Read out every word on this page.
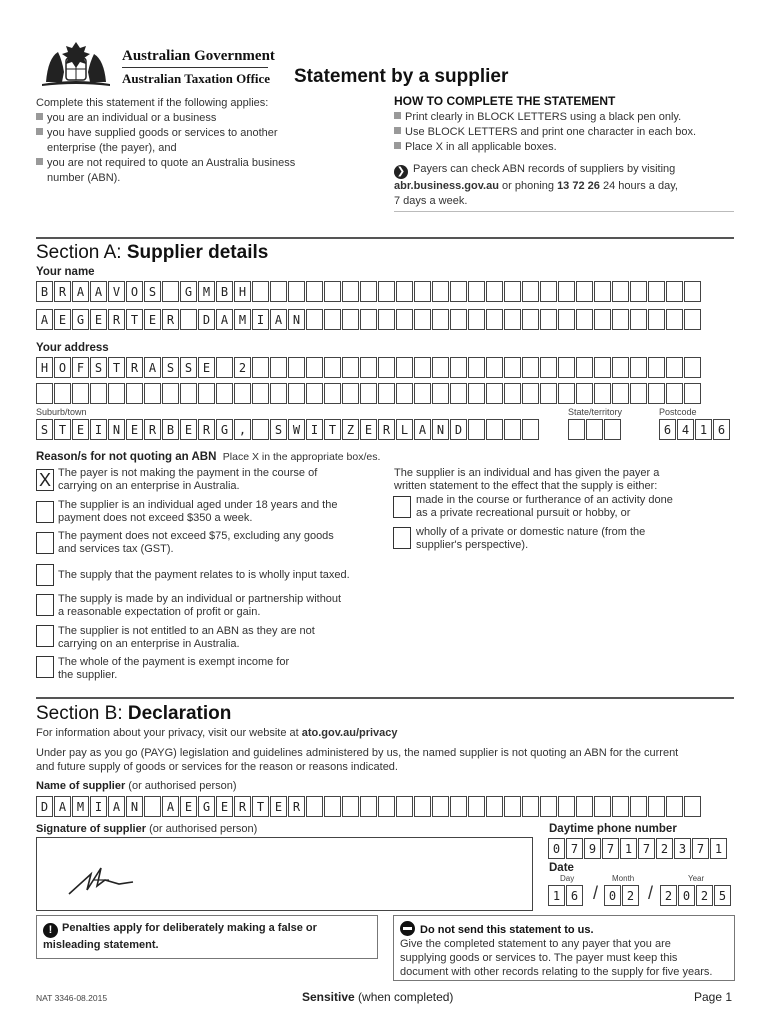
Australian Government
Australian Taxation Office Statement by a supplier
Complete this statement if the following applies:
you are an individual or a business
you have supplied goods or services to another
enterprise (the payer), and
you are not required to quote an Australia business
number (ABN).
HOW TO COMPLETE THE STATEMENT
Print clearly in BLOCK LETTERS using a black pen only.
Use BLOCK LETTERS and print one character in each box.
Place X in all applicable boxes.
❯ Payers can check ABN records of suppliers by visiting
abr.business.gov.au or phoning 13 72 26 24 hours a day,
7 days a week.
Section A: Supplier details
Your name
B R A A V O S	G M B H
A E G E R T E R	D A M I A N
Your address
H O F S T R A S S E	2
Suburb/town	State/territory	Postcode
S T E I N E R B E R G ,	S W I T Z E R L A N D	6 4 1 6
Reason/s for not quoting an ABN Place X in the appropriate box/es.
X The payer is not making the payment in the course of
carrying on an enterprise in Australia.
The supplier is an individual aged under 18 years and the
payment does not exceed $350 a week.
The payment does not exceed $75, excluding any goods
and services tax (GST).
The supply that the payment relates to is wholly input taxed.
The supply is made by an individual or partnership without
a reasonable expectation of profit or gain.
The supplier is not entitled to an ABN as they are not
carrying on an enterprise in Australia.
The whole of the payment is exempt income for
the supplier.
The supplier is an individual and has given the payer a
written statement to the effect that the supply is either:
made in the course or furtherance of an activity done
as a private recreational pursuit or hobby, or
wholly of a private or domestic nature (from the
supplier's perspective).
Section B: Declaration
For information about your privacy, visit our website at ato.gov.au/privacy
Under pay as you go (PAYG) legislation and guidelines administered by us, the named supplier is not quoting an ABN for the current
and future supply of goods or services for the reason or reasons indicated.
Name of supplier (or authorised person)
D A M I A N	A E G E R T E R
Signature of supplier (or authorised person)	Daytime phone number
0 7 9 7 1 7 2 3 7 1
Date
Day	Month	Year
1 6 / 0 2 / 2 0 2 5
! Penalties apply for deliberately making a false or
misleading statement.
Do not send this statement to us.
Give the completed statement to any payer that you are
supplying goods or services to. The payer must keep this
document with other records relating to the supply for five years.
NAT 3346-08.2015	Sensitive (when completed)	Page 1
